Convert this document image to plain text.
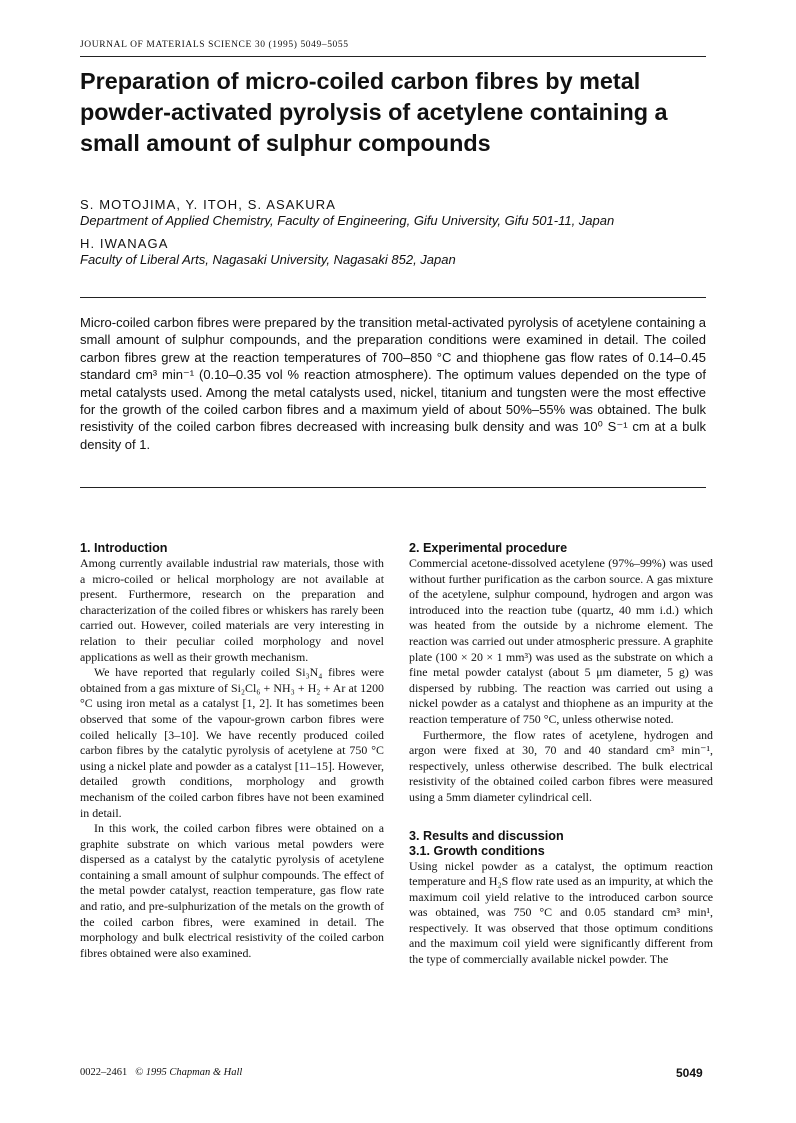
JOURNAL OF MATERIALS SCIENCE 30 (1995) 5049–5055
Preparation of micro-coiled carbon fibres by metal powder-activated pyrolysis of acetylene containing a small amount of sulphur compounds
S. MOTOJIMA, Y. ITOH, S. ASAKURA
Department of Applied Chemistry, Faculty of Engineering, Gifu University, Gifu 501-11, Japan
H. IWANAGA
Faculty of Liberal Arts, Nagasaki University, Nagasaki 852, Japan
Micro-coiled carbon fibres were prepared by the transition metal-activated pyrolysis of acetylene containing a small amount of sulphur compounds, and the preparation conditions were examined in detail. The coiled carbon fibres grew at the reaction temperatures of 700–850 °C and thiophene gas flow rates of 0.14–0.45 standard cm³ min⁻¹ (0.10–0.35 vol % reaction atmosphere). The optimum values depended on the type of metal catalysts used. Among the metal catalysts used, nickel, titanium and tungsten were the most effective for the growth of the coiled carbon fibres and a maximum yield of about 50%–55% was obtained. The bulk resistivity of the coiled carbon fibres decreased with increasing bulk density and was 10⁰ S⁻¹ cm at a bulk density of 1.
1. Introduction

Among currently available industrial raw materials, those with a micro-coiled or helical morphology are not available at present. Furthermore, research on the preparation and characterization of the coiled fibres or whiskers has rarely been carried out. However, coiled materials are very interesting in relation to their peculiar coiled morphology and novel applications as well as their growth mechanism.

We have reported that regularly coiled Si₃N₄ fibres were obtained from a gas mixture of Si₂Cl₆ + NH₃ + H₂ + Ar at 1200 °C using iron metal as a catalyst [1, 2]. It has sometimes been observed that some of the vapour-grown carbon fibres were coiled helically [3–10]. We have recently produced coiled carbon fibres by the catalytic pyrolysis of acetylene at 750 °C using a nickel plate and powder as a catalyst [11–15]. However, detailed growth conditions, morphology and growth mechanism of the coiled carbon fibres have not been examined in detail.

In this work, the coiled carbon fibres were obtained on a graphite substrate on which various metal powders were dispersed as a catalyst by the catalytic pyrolysis of acetylene containing a small amount of sulphur compounds. The effect of the metal powder catalyst, reaction temperature, gas flow rate and ratio, and pre-sulphurization of the metals on the growth of the coiled carbon fibres, were examined in detail. The morphology and bulk electrical resistivity of the coiled carbon fibres obtained were also examined.

2. Experimental procedure

Commercial acetone-dissolved acetylene (97%–99%) was used without further purification as the carbon source. A gas mixture of the acetylene, sulphur compound, hydrogen and argon was introduced into the reaction tube (quartz, 40 mm i.d.) which was heated from the outside by a nichrome element. The reaction was carried out under atmospheric pressure. A graphite plate (100 × 20 × 1 mm³) was used as the substrate on which a fine metal powder catalyst (about 5 μm diameter, 5 g) was dispersed by rubbing. The reaction was carried out using a nickel powder as a catalyst and thiophene as an impurity at the reaction temperature of 750 °C, unless otherwise noted.

Furthermore, the flow rates of acetylene, hydrogen and argon were fixed at 30, 70 and 40 standard cm³ min⁻¹, respectively, unless otherwise described. The bulk electrical resistivity of the obtained coiled carbon fibres were measured using a 5mm diameter cylindrical cell.

3. Results and discussion
3.1. Growth conditions

Using nickel powder as a catalyst, the optimum reaction temperature and H₂S flow rate used as an impurity, at which the maximum coil yield relative to the introduced carbon source was obtained, was 750 °C and 0.05 standard cm³ min¹, respectively. It was observed that those optimum conditions and the maximum coil yield were significantly different from the type of commercially available nickel powder. The

0022–2461 © 1995 Chapman & Hall	5049
